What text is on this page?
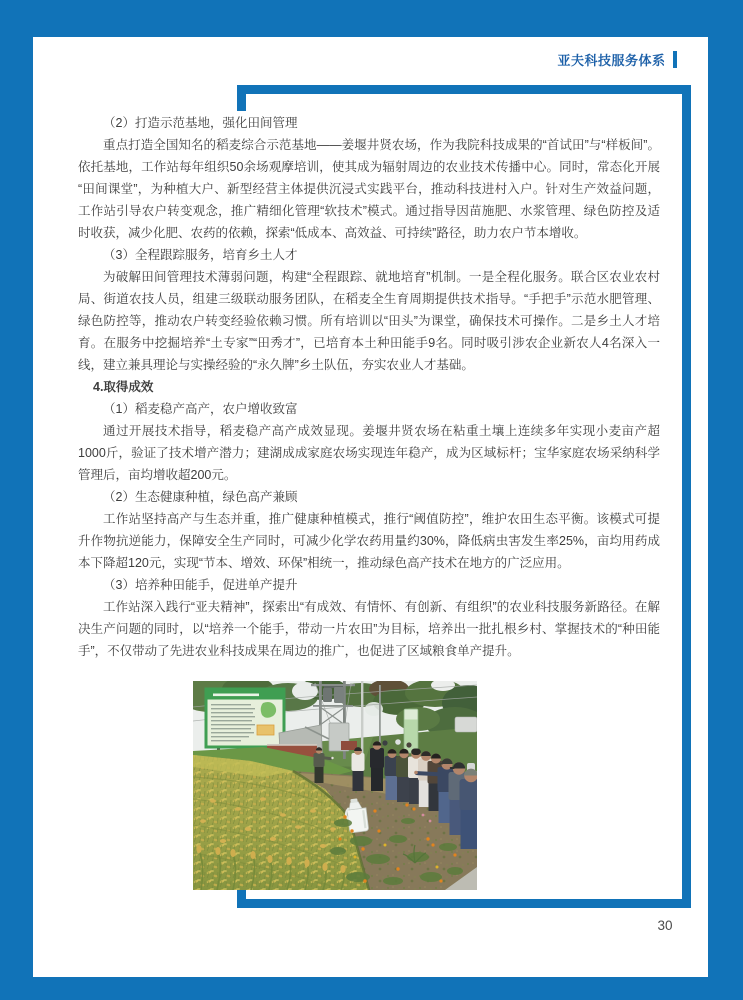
亚夫科技服务体系

（2）打造示范基地，强化田间管理

重点打造全国知名的稻麦综合示范基地——姜堰井贤农场，作为我院科技成果的“首试田”与“样板间”。依托基地，工作站每年组织50余场观摩培训，使其成为辐射周边的农业技术传播中心。同时，常态化开展“田间课堂”，为种植大户、新型经营主体提供沉浸式实践平台，推动科技进村入户。针对生产效益问题，工作站引导农户转变观念，推广精细化管理“软技术”模式。通过指导因苗施肥、水浆管理、绿色防控及适时收获，减少化肥、农药的依赖，探索“低成本、高效益、可持续”路径，助力农户节本增收。

（3）全程跟踪服务，培育乡土人才

为破解田间管理技术薄弱问题，构建“全程跟踪、就地培育”机制。一是全程化服务。联合区农业农村局、街道农技人员，组建三级联动服务团队，在稻麦全生育周期提供技术指导。“手把手”示范水肥管理、绿色防控等，推动农户转变经验依赖习惯。所有培训以“田头”为课堂，确保技术可操作。二是乡土人才培育。在服务中挖掘培养“土专家”“田秀才”，已培育本土种田能手9名。同时吸引涉农企业新农人4名深入一线，建立兼具理论与实操经验的“永久牌”乡土队伍，夯实农业人才基础。

4.取得成效

（1）稻麦稳产高产，农户增收致富

通过开展技术指导，稻麦稳产高产成效显现。姜堰井贤农场在粘重土壤上连续多年实现小麦亩产超1000斤，验证了技术增产潜力；建湖成成家庭农场实现连年稳产，成为区域标杆；宝华家庭农场采纳科学管理后，亩均增收超200元。

（2）生态健康种植，绿色高产兼顾

工作站坚持高产与生态并重，推广健康种植模式，推行“阈值防控”，维护农田生态平衡。该模式可提升作物抗逆能力，保障安全生产同时，可减少化学农药用量约30%，降低病虫害发生率25%，亩均用药成本下降超120元，实现“节本、增效、环保”相统一，推动绿色高产技术在地方的广泛应用。

（3）培养种田能手，促进单产提升

工作站深入践行“亚夫精神”，探索出“有成效、有情怀、有创新、有组织”的农业科技服务新路径。在解决生产问题的同时，以“培养一个能手，带动一片农田”为目标，培养出一批扎根乡村、掌握技术的“种田能手”，不仅带动了先进农业科技成果在周边的推广，也促进了区域粮食单产提升。

30
